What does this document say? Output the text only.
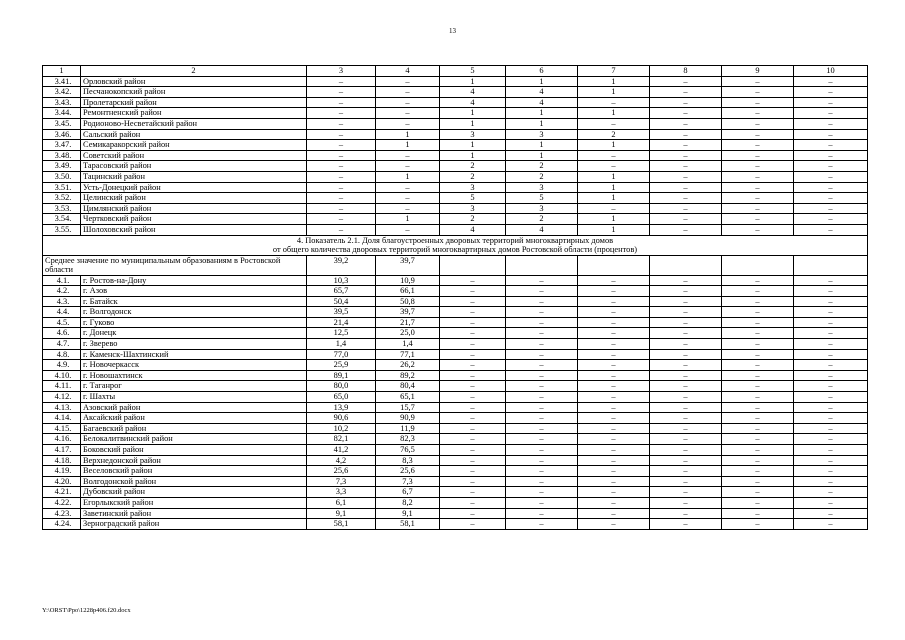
13
1	2	3	4	5	6	7	8	9	10
3.41.	Орловский район	–	–	1	1	1	–	–	–
3.42.	Песчанокопский район	–	–	4	4	1	–	–	–
3.43.	Пролетарский район	–	–	4	4	–	–	–	–
3.44.	Ремонтненский район	–	–	1	1	1	–	–	–
3.45.	Родионово-Несветайский район	–	–	1	1	–	–	–	–
3.46.	Сальский район	–	1	3	3	2	–	–	–
3.47.	Семикаракорский район	–	1	1	1	1	–	–	–
3.48.	Советский район	–	–	1	1	–	–	–	–
3.49.	Тарасовский район	–	–	2	2	–	–	–	–
3.50.	Тацинский район	–	1	2	2	1	–	–	–
3.51.	Усть-Донецкий район	–	–	3	3	1	–	–	–
3.52.	Целинский район	–	–	5	5	1	–	–	–
3.53.	Цимлянский район	–	–	3	3	–	–	–	–
3.54.	Чертковский район	–	1	2	2	1	–	–	–
3.55.	Шолоховский район	–	–	4	4	1	–	–	–

4. Показатель 2.1. Доля благоустроенных дворовых территорий многоквартирных домов
от общего количества дворовых территорий многоквартирных домов Ростовской области (процентов)									

Среднее значение по муниципальным образованиям в Ростовской области		39,2	39,7						
4.1.	г. Ростов-на-Дону	10,3	10,9	–	–	–	–	–	–
4.2.	г. Азов	65,7	66,1	–	–	–	–	–	–
4.3.	г. Батайск	50,4	50,8	–	–	–	–	–	–
4.4.	г. Волгодонск	39,5	39,7	–	–	–	–	–	–
4.5.	г. Гуково	21,4	21,7	–	–	–	–	–	–
4.6.	г. Донецк	12,5	25,0	–	–	–	–	–	–
4.7.	г. Зверево	1,4	1,4	–	–	–	–	–	–
4.8.	г. Каменск-Шахтинский	77,0	77,1	–	–	–	–	–	–
4.9.	г. Новочеркасск	25,9	26,2	–	–	–	–	–	–
4.10.	г. Новошахтинск	89,1	89,2	–	–	–	–	–	–
4.11.	г. Таганрог	80,0	80,4	–	–	–	–	–	–
4.12.	г. Шахты	65,0	65,1	–	–	–	–	–	–
4.13.	Азовский район	13,9	15,7	–	–	–	–	–	–
4.14.	Аксайский район	90,6	90,9	–	–	–	–	–	–
4.15.	Багаевский район	10,2	11,9	–	–	–	–	–	–
4.16.	Белокалитвинский район	82,1	82,3	–	–	–	–	–	–
4.17.	Боковский район	41,2	76,5	–	–	–	–	–	–
4.18.	Верхнедонской район	4,2	8,3	–	–	–	–	–	–
4.19.	Веселовский район	25,6	25,6	–	–	–	–	–	–
4.20.	Волгодонской район	7,3	7,3	–	–	–	–	–	–
4.21.	Дубовский район	3,3	6,7	–	–	–	–	–	–
4.22.	Егорлыкский район	6,1	8,2	–	–	–	–	–	–
4.23.	Заветинский район	9,1	9,1	–	–	–	–	–	–
4.24.	Зерноградский район	58,1	58,1	–	–	–	–	–	–
Y:\ORST\Ppo\1228p406.f20.docx
